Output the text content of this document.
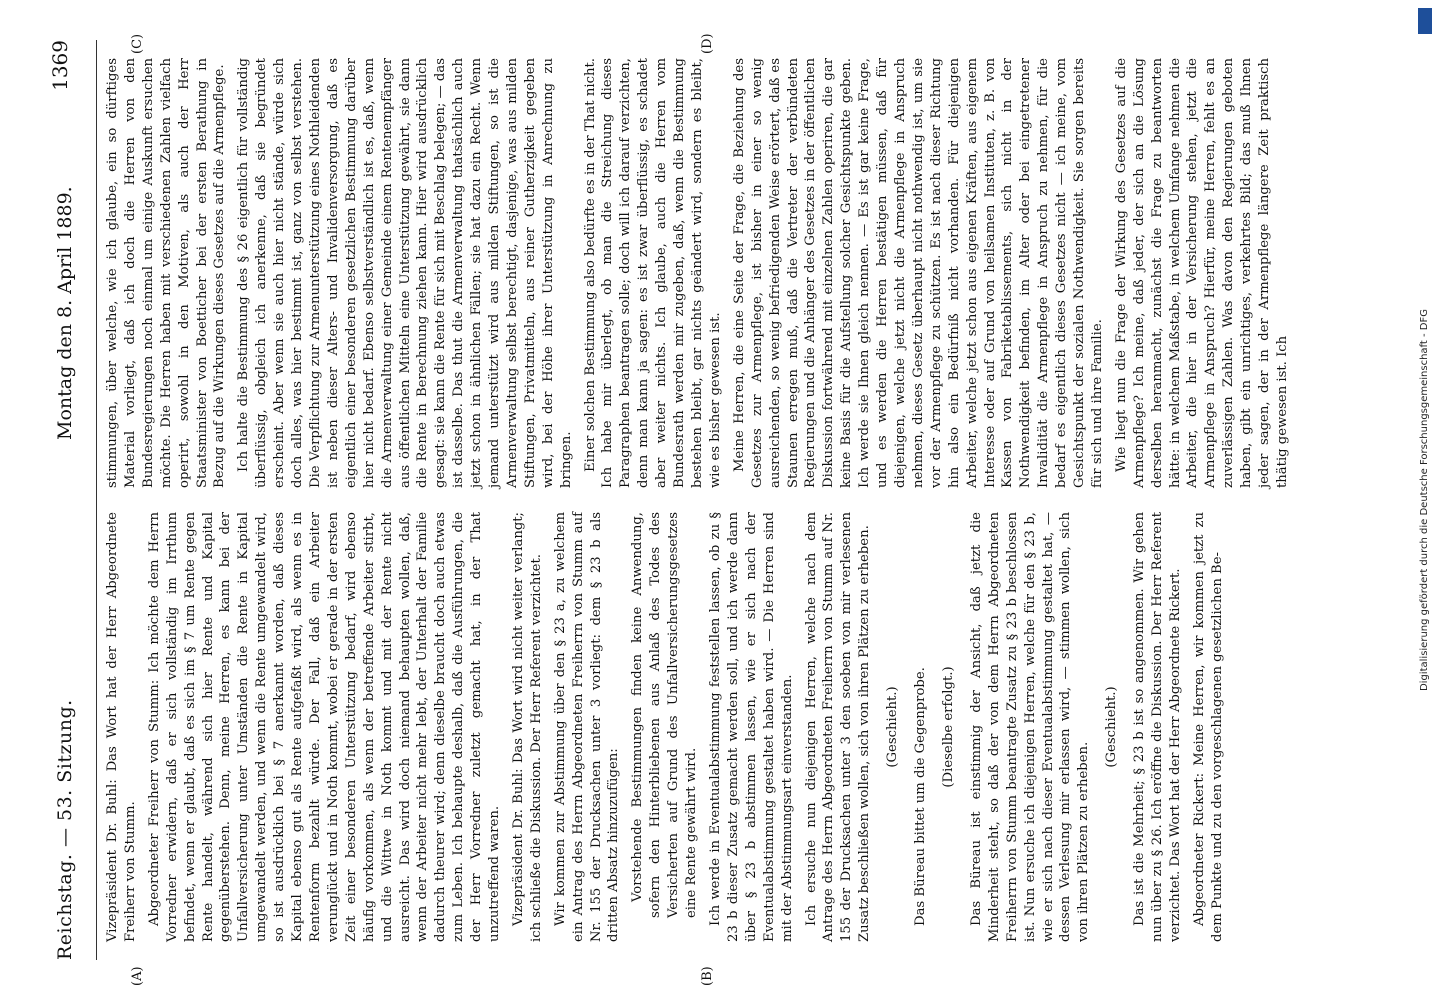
Reichstag. — 53. Sitzung.
Montag den 8. April 1889.
1369
(A)	(B)
(C)	(D)

Vizepräsident Dr. Buhl: Das Wort hat der Herr Abgeordnete Freiherr von Stumm. Abgeordneter Freiherr von Stumm: Ich möchte dem Herrn Vorredner erwidern, daß er sich vollständig im Irrthum befindet, wenn er glaubt, daß es sich im § 7 um Rente gegen Rente handelt, während sich hier Rente und Kapital gegenüberstehen. Denn, meine Herren, es kann bei der Unfallversicherung unter Umständen die Rente in Kapital umgewandelt werden, und wenn die Rente umgewandelt wird, so ist ausdrücklich bei § 7 anerkannt worden, daß dieses Kapital ebenso gut als Rente aufgefaßt wird, als wenn es in Rentenform bezahlt würde. Der Fall, daß ein Arbeiter verunglückt und in Noth kommt, wobei er gerade in der ersten Zeit einer besonderen Unterstützung bedarf, wird ebenso häufig vorkommen, als wenn der betreffende Arbeiter stirbt, und die Wittwe in Noth kommt und mit der Rente nicht ausreicht. Das wird doch niemand behaupten wollen, daß, wenn der Arbeiter nicht mehr lebt, der Unterhalt der Familie dadurch theurer wird; denn dieselbe braucht doch auch etwas zum Leben. Ich behaupte deshalb, daß die Ausführungen, die der Herr Vorredner zuletzt gemacht hat, in der That unzutreffend waren. Vizepräsident Dr. Buhl: Das Wort wird nicht weiter verlangt; ich schließe die Diskussion. Der Herr Referent verzichtet. Wir kommen zur Abstimmung über den § 23 a, zu welchem ein Antrag des Herrn Abgeordneten Freiherrn von Stumm auf Nr. 155 der Drucksachen unter 3 vorliegt: dem § 23 b als dritten Absatz hinzuzufügen: Vorstehende Bestimmungen finden keine Anwendung, sofern den Hinterbliebenen aus Anlaß des Todes des Versicherten auf Grund des Unfallversicherungsgesetzes eine Rente gewährt wird. Ich werde in Eventualabstimmung feststellen lassen, ob zu § 23 b dieser Zusatz gemacht werden soll, und ich werde dann über § 23 b abstimmen lassen, wie er sich nach der Eventualabstimmung gestaltet haben wird. — Die Herren sind mit der Abstimmungsart einverstanden. Ich ersuche nun diejenigen Herren, welche nach dem Antrage des Herrn Abgeordneten Freiherrn von Stumm auf Nr. 155 der Drucksachen unter 3 den soeben von mir verlesenen Zusatz beschließen wollen, sich von ihren Plätzen zu erheben. (Geschieht.) Das Büreau bittet um die Gegenprobe. (Dieselbe erfolgt.) Das Büreau ist einstimmig der Ansicht, daß jetzt die Minderheit steht, so daß der von dem Herrn Abgeordneten Freiherrn von Stumm beantragte Zusatz zu § 23 b beschlossen ist. Nun ersuche ich diejenigen Herren, welche für den § 23 b, wie er sich nach dieser Eventualabstimmung gestaltet hat, — dessen Verlesung mir erlassen wird, — stimmen wollen, sich von ihren Plätzen zu erheben.

(Geschieht.) Das ist die Mehrheit; § 23 b ist so angenommen. Wir gehen nun über zu § 26. Ich eröffne die Diskussion. Der Herr Referent verzichtet. Das Wort hat der Herr Abgeordnete Rickert. Abgeordneter Rickert: Meine Herren, wir kommen jetzt zu dem Punkte und zu den vorgeschlagenen gesetzlichen Be-

stimmungen, über welche, wie ich glaube, ein so dürftiges Material vorliegt, daß ich doch die Herren von den Bundesregierungen noch einmal um einige Auskunft ersuchen möchte. Die Herren haben mit verschiedenen Zahlen vielfach operirt, sowohl in den Motiven, als auch der Herr Staatsminister von Boetticher bei der ersten Berathung in Bezug auf die Wirkungen dieses Gesetzes auf die Armenpflege. Ich halte die Bestimmung des § 26 eigentlich für vollständig überflüssig, obgleich ich anerkenne, daß sie begründet erscheint. Aber wenn sie auch hier nicht stände, würde sich doch alles, was hier bestimmt ist, ganz von selbst verstehen. Die Verpflichtung zur Armenunterstützung eines Nothleidenden ist neben dieser Alters- und Invalidenversorgung, daß es eigentlich einer besonderen gesetzlichen Bestimmung darüber hier nicht bedarf. Ebenso selbstverständlich ist es, daß, wenn die Armenverwaltung einer Gemeinde einem Rentenempfänger aus öffentlichen Mitteln eine Unterstützung gewährt, sie dann die Rente in Berechnung ziehen kann. Hier wird ausdrücklich gesagt: sie kann die Rente für sich mit Beschlag belegen; — das ist dasselbe. Das thut die Armenverwaltung thatsächlich auch jetzt schon in ähnlichen Fällen; sie hat dazu ein Recht. Wenn jemand unterstützt wird aus milden Stiftungen, so ist die Armenverwaltung selbst berechtigt, dasjenige, was aus milden Stiftungen, Privatmitteln, aus reiner Gutherzigkeit gegeben wird, bei der Höhe ihrer Unterstützung in Anrechnung zu bringen. Einer solchen Bestimmung also bedürfte es in der That nicht. Ich habe mir überlegt, ob man die Streichung dieses Paragraphen beantragen solle; doch will ich darauf verzichten, denn man kann ja sagen: es ist zwar überflüssig, es schadet aber weiter nichts. Ich glaube, auch die Herren vom Bundesrath werden mir zugeben, daß, wenn die Bestimmung bestehen bleibt, gar nichts geändert wird, sondern es bleibt, wie es bisher gewesen ist. Meine Herren, die eine Seite der Frage, die Beziehung des Gesetzes zur Armenpflege, ist bisher in einer so wenig ausreichenden, so wenig befriedigenden Weise erörtert, daß es Staunen erregen muß, daß die Vertreter der verbündeten Regierungen und die Anhänger des Gesetzes in der öffentlichen Diskussion fortwährend mit einzelnen Zahlen operiren, die gar keine Basis für die Aufstellung solcher Gesichtspunkte geben. Ich werde sie Ihnen gleich nennen. — Es ist gar keine Frage, und es werden die Herren bestätigen müssen, daß für diejenigen, welche jetzt nicht die Armenpflege in Anspruch nehmen, dieses Gesetz überhaupt nicht nothwendig ist, um sie vor der Armenpflege zu schützen. Es ist nach dieser Richtung hin also ein Bedürfniß nicht vorhanden. Für diejenigen Arbeiter, welche jetzt schon aus eigenen Kräften, aus eigenem Interesse oder auf Grund von heilsamen Instituten, z. B. von Kassen von Fabriketablissements, sich nicht in der Nothwendigkeit befinden, im Alter oder bei eingetretener Invalidität die Armenpflege in Anspruch zu nehmen, für die bedarf es eigentlich dieses Gesetzes nicht — ich meine, vom Gesichtspunkt der sozialen Nothwendigkeit. Sie sorgen bereits für sich und ihre Familie. Wie liegt nun die Frage der Wirkung des Gesetzes auf die Armenpflege? Ich meine, daß jeder, der sich an die Lösung derselben heranmacht, zunächst die Frage zu beantworten hätte: in welchem Maßstabe, in welchem Umfange nehmen die Arbeiter, die hier in der Versicherung stehen, jetzt die Armenpflege in Anspruch? Hierfür, meine Herren, fehlt es an zuverlässigen Zahlen. Was davon den Regierungen geboten haben, gibt ein unrichtiges, verkehrtes Bild; das muß Ihnen jeder sagen, der in der Armenpflege längere Zeit praktisch thätig gewesen ist. Ich	Digitalisierung gefördert durch die Deutsche Forschungsgemeinschaft - DFG
